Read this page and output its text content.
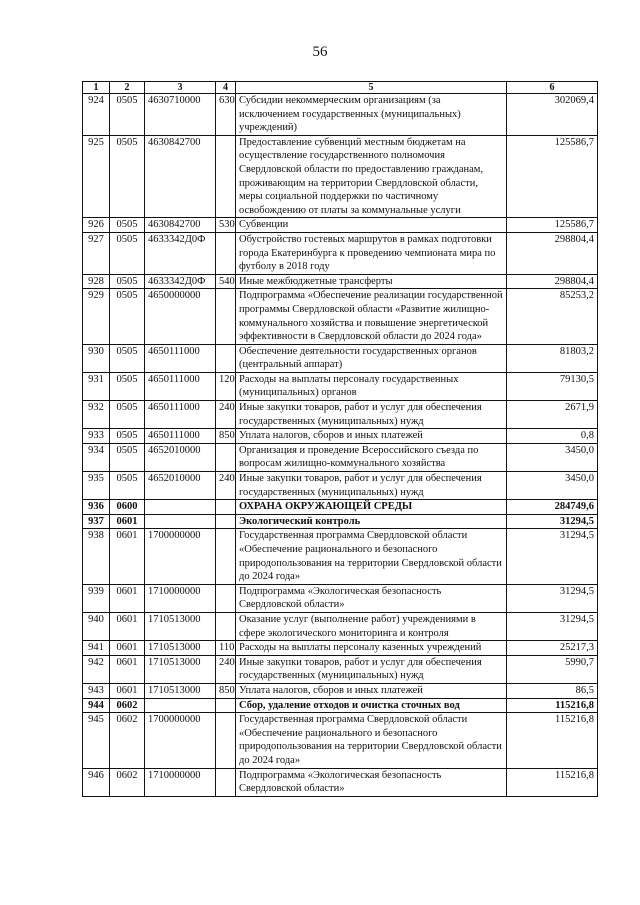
56
1	2	3	4	5	6
924	0505	4630710000	630	Субсидии некоммерческим организациям (за исключением государственных (муниципальных) учреждений)	302069,4
925	0505	4630842700		Предоставление субвенций местным бюджетам на осуществление государственного полномочия Свердловской области по предоставлению гражданам, проживающим на территории Свердловской области, меры социальной поддержки по частичному освобождению от платы за коммунальные услуги	125586,7
926	0505	4630842700	530	Субвенции	125586,7
927	0505	4633342Д0Ф		Обустройство гостевых маршрутов в рамках подготовки города Екатеринбурга к проведению чемпионата мира по футболу в 2018 году	298804,4
928	0505	4633342Д0Ф	540	Иные межбюджетные трансферты	298804,4
929	0505	4650000000		Подпрограмма «Обеспечение реализации государственной программы Свердловской области «Развитие жилищно-коммунального хозяйства и повышение энергетической эффективности в Свердловской области до 2024 года»	85253,2
930	0505	4650111000		Обеспечение деятельности государственных органов (центральный аппарат)	81803,2
931	0505	4650111000	120	Расходы на выплаты персоналу государственных (муниципальных) органов	79130,5
932	0505	4650111000	240	Иные закупки товаров, работ и услуг для обеспечения государственных (муниципальных) нужд	2671,9
933	0505	4650111000	850	Уплата налогов, сборов и иных платежей	0,8
934	0505	4652010000		Организация и проведение Всероссийского съезда по вопросам жилищно-коммунального хозяйства	3450,0
935	0505	4652010000	240	Иные закупки товаров, работ и услуг для обеспечения государственных (муниципальных) нужд	3450,0
936	0600			ОХРАНА ОКРУЖАЮЩЕЙ СРЕДЫ	284749,6
937	0601			Экологический контроль	31294,5
938	0601	1700000000		Государственная программа Свердловской области «Обеспечение рационального и безопасного природопользования на территории Свердловской области до 2024 года»	31294,5
939	0601	1710000000		Подпрограмма «Экологическая безопасность Свердловской области»	31294,5
940	0601	1710513000		Оказание услуг (выполнение работ) учреждениями в сфере экологического мониторинга и контроля	31294,5
941	0601	1710513000	110	Расходы на выплаты персоналу казенных учреждений	25217,3
942	0601	1710513000	240	Иные закупки товаров, работ и услуг для обеспечения государственных (муниципальных) нужд	5990,7
943	0601	1710513000	850	Уплата налогов, сборов и иных платежей	86,5
944	0602			Сбор, удаление отходов и очистка сточных вод	115216,8
945	0602	1700000000		Государственная программа Свердловской области «Обеспечение рационального и безопасного природопользования на территории Свердловской области до 2024 года»	115216,8
946	0602	1710000000		Подпрограмма «Экологическая безопасность Свердловской области»	115216,8
